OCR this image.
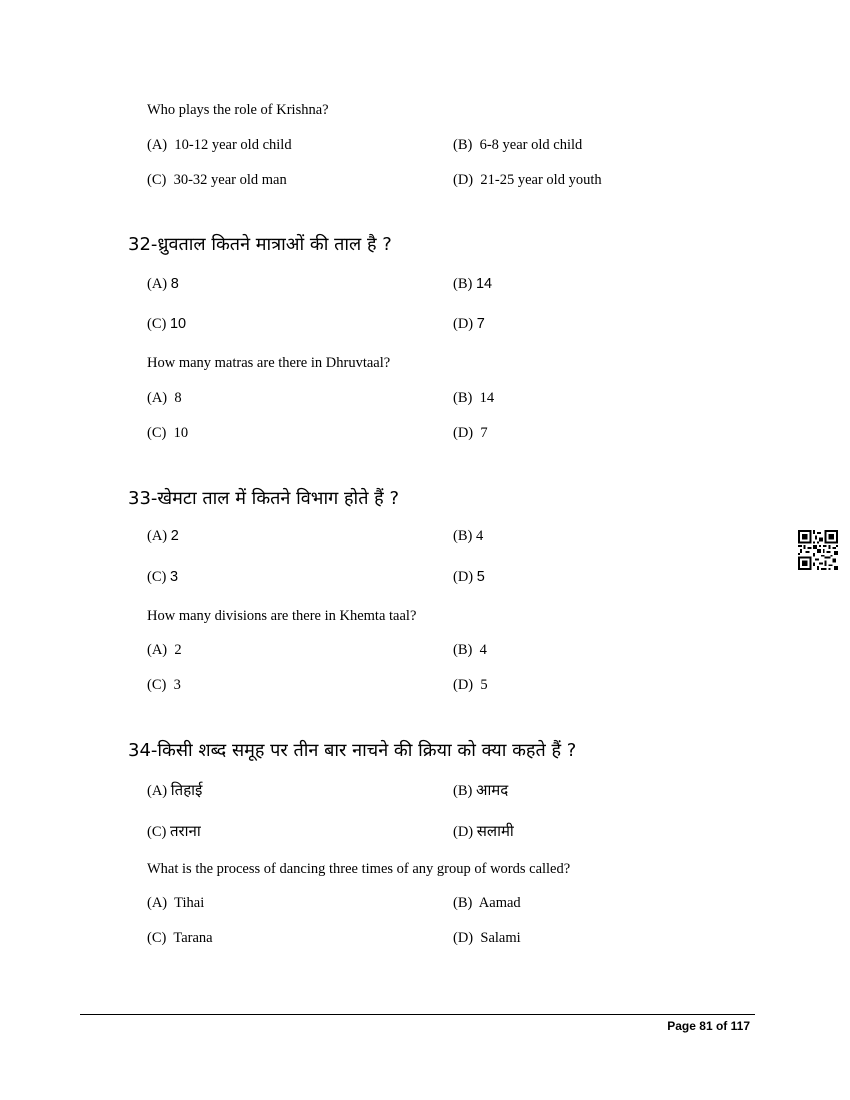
Who plays the role of Krishna?
(A) 10-12 year old child	(B) 6-8 year old child
(C) 30-32 year old man	(D) 21-25 year old youth
32-ध्रुवताल कितने मात्राओं की ताल है ?
(A) 8	(B) 14
(C) 10	(D) 7
How many matras are there in Dhruvtaal?
(A) 8	(B) 14
(C) 10	(D) 7
33-खेमटा ताल में कितने विभाग होते हैं ?
(A) 2	(B) 4
(C) 3	(D) 5
How many divisions are there in Khemta taal?
(A) 2	(B) 4
(C) 3	(D) 5
34-किसी शब्द समूह पर तीन बार नाचने की क्रिया को क्या कहते हैं ?
(A) तिहाई	(B) आमद
(C) तराना	(D) सलामी
What is the process of dancing three times of any group of words called?
(A) Tihai	(B) Aamad
(C) Tarana	(D) Salami
Page 81 of 117
